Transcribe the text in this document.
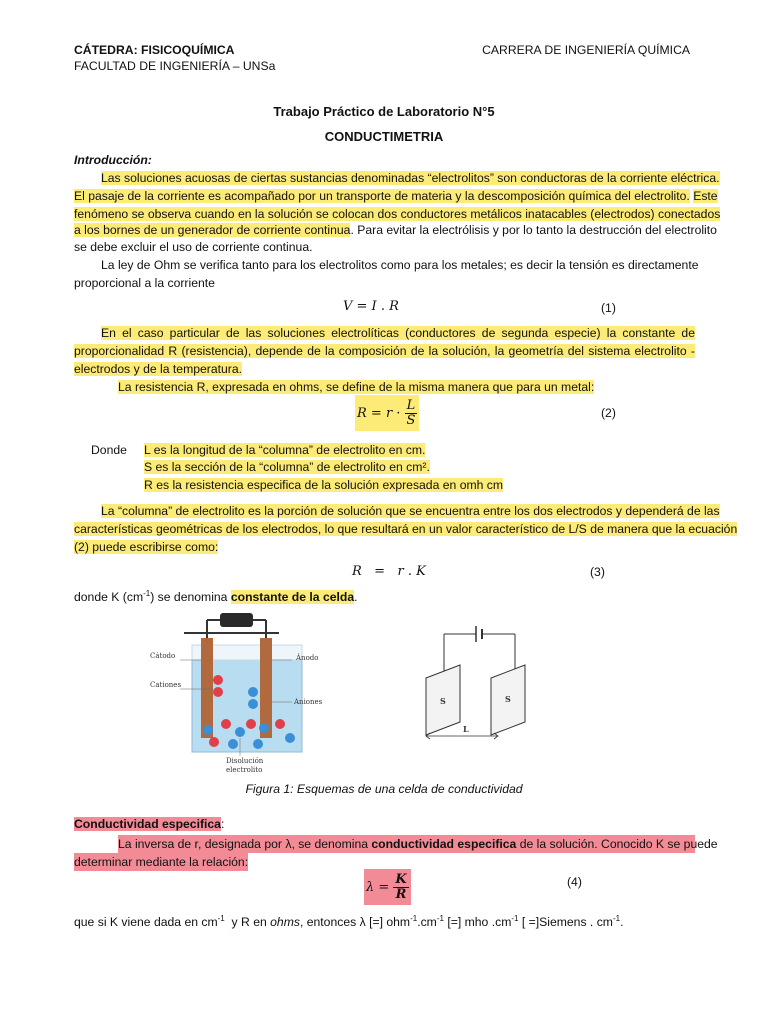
CÁTEDRA: FISICOQUÍMICA
FACULTAD DE INGENIERÍA – UNSa
CARRERA DE INGENIERÍA QUÍMICA
Trabajo Práctico de Laboratorio N°5
CONDUCTIMETRIA
Introducción:
Las soluciones acuosas de ciertas sustancias denominadas “electrolitos” son conductoras de la corriente eléctrica.
El pasaje de la corriente es acompañado por un transporte de materia y la descomposición química del electrolito. Este
fenómeno se observa cuando en la solución se colocan dos conductores metálicos inatacables (electrodos) conectados
a los bornes de un generador de corriente continua. Para evitar la electrólisis y por lo tanto la destrucción del electrolito
se debe excluir el uso de corriente continua.
La ley de Ohm se verifica tanto para los electrolitos como para los metales; es decir la tensión es directamente
proporcional a la corriente
V = I . R	(1)
En el caso particular de las soluciones electrolíticas (conductores de segunda especie) la constante de
proporcionalidad R (resistencia), depende de la composición de la solución, la geometría del sistema electrolito -
electrodos y de la temperatura.
La resistencia R, expresada en ohms, se define de la misma manera que para un metal:
R = r ·
$\frac{L}{S}$	(2)
Donde L es la longitud de la “columna” de electrolito en cm.
S es la sección de la “columna” de electrolito en cm².
R es la resistencia especifica de la solución expresada en omh cm
La “columna” de electrolito es la porción de solución que se encuentra entre los dos electrodos y dependerá de las
características geométricas de los electrodos, lo que resultará en un valor característico de L/S de manera que la ecuación
(2) puede escribirse como:
R   =   r . K	(3)
donde K $(cm^{-1})$ se denomina constante de la celda.
Cátodo	Ánodo
Cationes
Aniones
Disolución
electrolito
S	S
L
Figura 1: Esquemas de una celda de conductividad
Conductividad especifica:
La inversa de r, designada por λ, se denomina conductividad especifica de la solución. Conocido K se puede
determinar mediante la relación:
λ =
$\frac{K}{R}$	(4)
que si K viene dada en $cm^{-1}$  y R en ohms, entonces λ [=] $ohm^{-1}.cm^{-1}$ [=] mho $.cm^{-1}$ [ =]Siemens . $cm^{-1}$.
